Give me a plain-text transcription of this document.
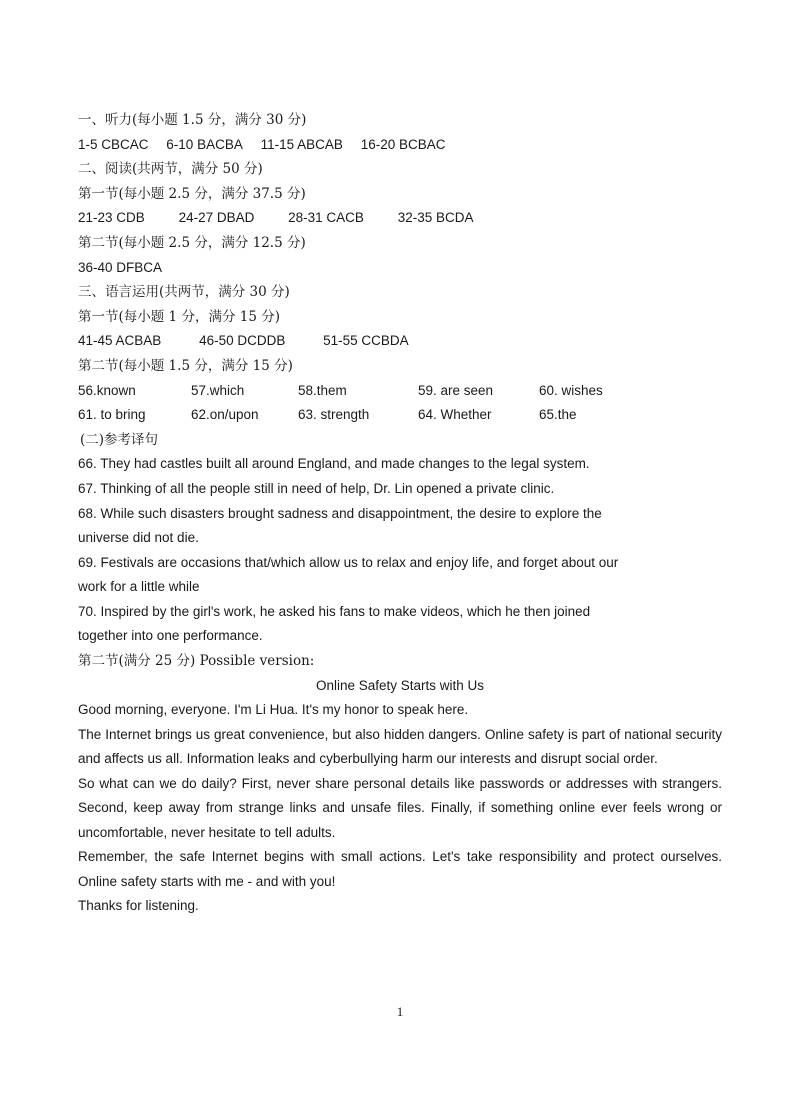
一、听力(每小题 1.5 分，满分 30 分)
1-5 CBCAC 6-10 BACBA 11-15 ABCAB 16-20 BCBAC
二、阅读(共两节，满分 50 分)
第一节(每小题 2.5 分，满分 37.5 分)
21-23 CDB	24-27 DBAD	28-31 CACB	32-35 BCDA
第二节(每小题 2.5 分，满分 12.5 分)
36-40 DFBCA
三、语言运用(共两节，满分 30 分)
第一节(每小题 1 分，满分 15 分)
41-45 ACBAB	46-50 DCDDB	51-55 CCBDA
第二节(每小题 1.5 分，满分 15 分)
56.known	57.which	58.them	59. are seen	60. wishes
61. to bring	62.on/upon	63. strength	64. Whether	65.the
(二)参考译句
66. They had castles built all around England, and made changes to the legal system.
67. Thinking of all the people still in need of help, Dr. Lin opened a private clinic.
68. While such disasters brought sadness and disappointment, the desire to explore the
universe did not die.
69. Festivals are occasions that/which allow us to relax and enjoy life, and forget about our
work for a little while
70. Inspired by the girl's work, he asked his fans to make videos, which he then joined
together into one performance.
第二节(满分 25 分) Possible version:
Online Safety Starts with Us
Good morning, everyone. I'm Li Hua. It's my honor to speak here.
The Internet brings us great convenience, but also hidden dangers. Online safety is part of national security and affects us all. Information leaks and cyberbullying harm our interests and disrupt social order.
So what can we do daily? First, never share personal details like passwords or addresses with strangers. Second, keep away from strange links and unsafe files. Finally, if something online ever feels wrong or uncomfortable, never hesitate to tell adults.
Remember, the safe Internet begins with small actions. Let's take responsibility and protect ourselves. Online safety starts with me - and with you!
Thanks for listening.
1
